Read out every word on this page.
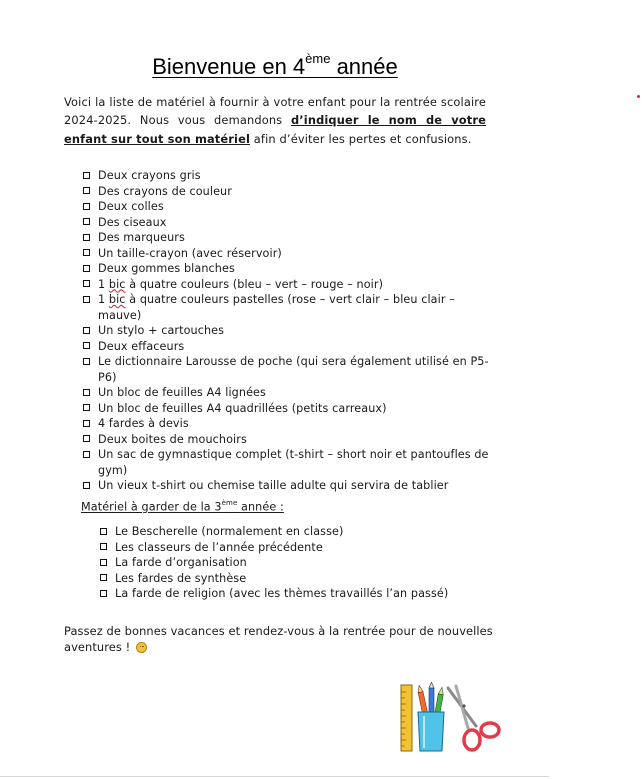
Bienvenue en 4ème année
Voici la liste de matériel à fournir à votre enfant pour la rentrée scolaire 2024-2025. Nous vous demandons d’indiquer le nom de votre enfant sur tout son matériel afin d’éviter les pertes et confusions.
Deux crayons gris
Des crayons de couleur
Deux colles
Des ciseaux
Des marqueurs
Un taille-crayon (avec réservoir)
Deux gommes blanches
1 bic à quatre couleurs (bleu – vert – rouge – noir)
1 bic à quatre couleurs pastelles (rose – vert clair – bleu clair – mauve)
Un stylo + cartouches
Deux effaceurs
Le dictionnaire Larousse de poche (qui sera également utilisé en P5-P6)
Un bloc de feuilles A4 lignées
Un bloc de feuilles A4 quadrillées (petits carreaux)
4 fardes à devis
Deux boites de mouchoirs
Un sac de gymnastique complet (t-shirt – short noir et pantoufles de gym)
Un vieux t-shirt ou chemise taille adulte qui servira de tablier
Matériel à garder de la 3ème année :
Le Bescherelle (normalement en classe)
Les classeurs de l’année précédente
La farde d’organisation
Les fardes de synthèse
La farde de religion (avec les thèmes travaillés l’an passé)
Passez de bonnes vacances et rendez-vous à la rentrée pour de nouvelles aventures !
